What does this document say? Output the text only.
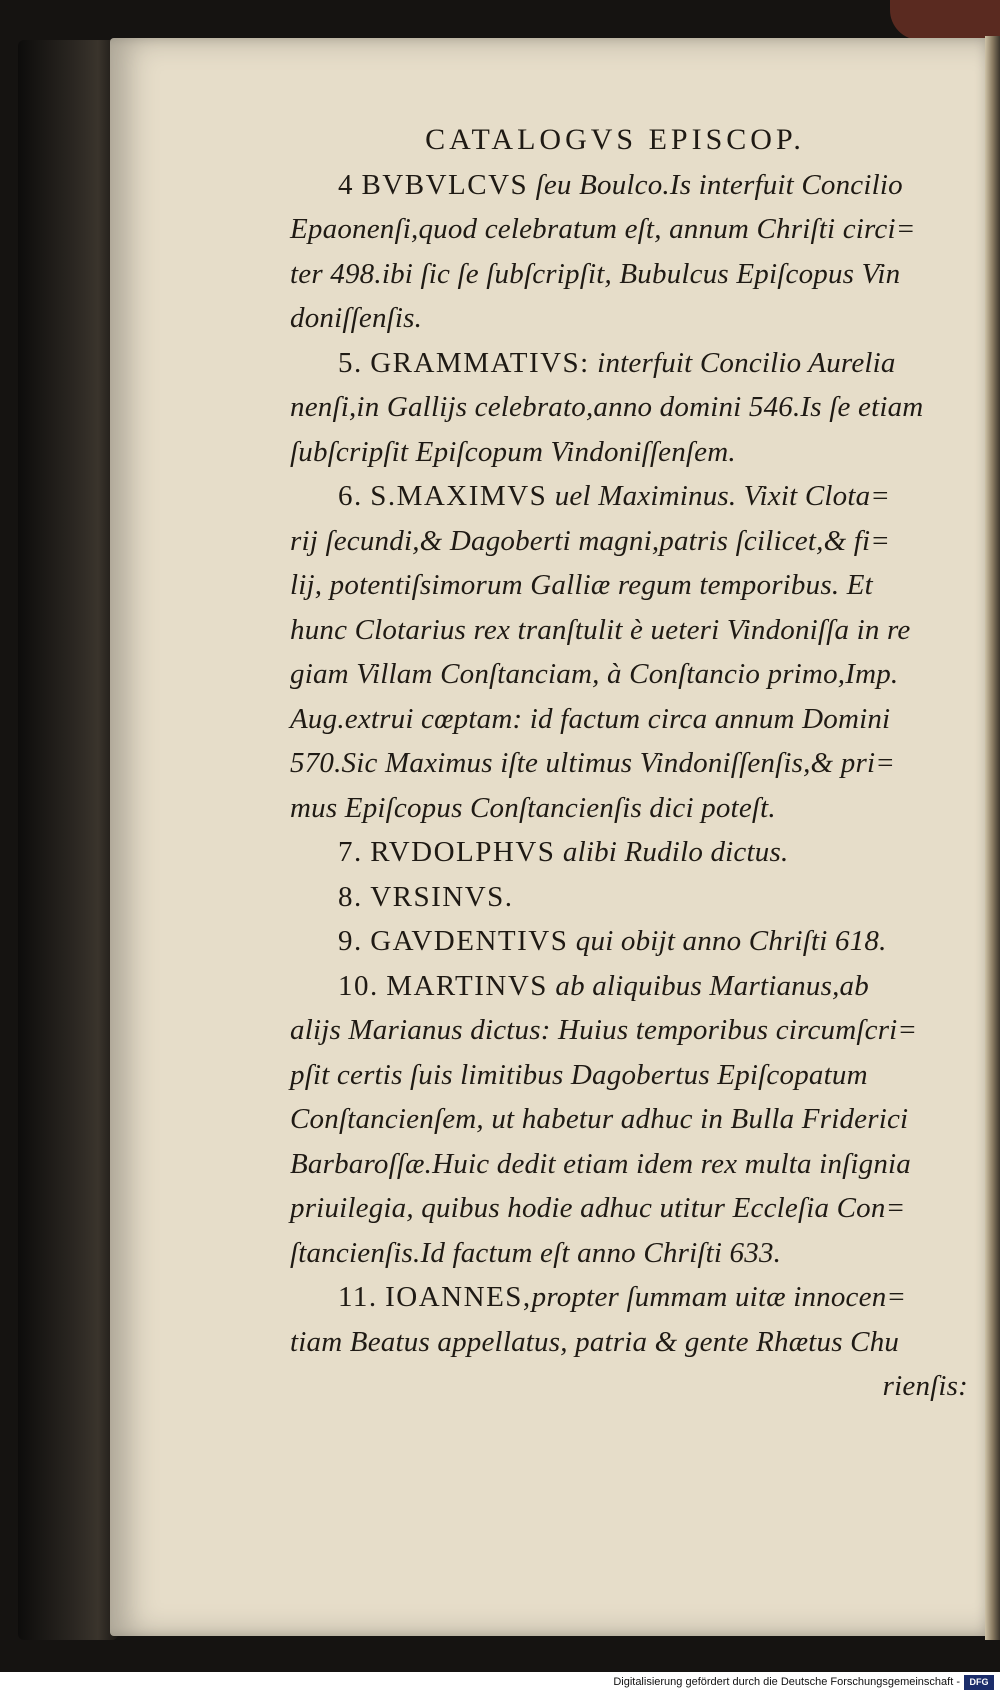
CATALOGVS EPISCOP.
4 BVBVLCVS ſeu Boulco.Is interfuit Concilio
Epaonenſi,quod celebratum eſt, annum Chriſti circi=
ter 498.ibi ſic ſe ſubſcripſit, Bubulcus Epiſcopus Vin
doniſſenſis.
5. GRAMMATIVS: interfuit Concilio Aurelia
nenſi,in Gallijs celebrato,anno domini 546.Is ſe etiam
ſubſcripſit Epiſcopum Vindoniſſenſem.
6. S.MAXIMVS uel Maximinus. Vixit Clota=
rij ſecundi,& Dagoberti magni,patris ſcilicet,& fi=
lij, potentiſsimorum Galliæ regum temporibus. Et
hunc Clotarius rex tranſtulit è ueteri Vindoniſſa in re
giam Villam Conſtanciam, à Conſtancio primo,Imp.
Aug.extrui cœptam: id factum circa annum Domini
570.Sic Maximus iſte ultimus Vindoniſſenſis,& pri=
mus Epiſcopus Conſtancienſis dici poteſt.
7. RVDOLPHVS alibi Rudilo dictus.
8. VRSINVS.
9. GAVDENTIVS qui obijt anno Chriſti 618.
10. MARTINVS ab aliquibus Martianus,ab
alijs Marianus dictus: Huius temporibus circumſcri=
pſit certis ſuis limitibus Dagobertus Epiſcopatum
Conſtancienſem, ut habetur adhuc in Bulla Friderici
Barbaroſſæ.Huic dedit etiam idem rex multa inſignia
priuilegia, quibus hodie adhuc utitur Eccleſia Con=
ſtancienſis.Id factum eſt anno Chriſti 633.
11. IOANNES,propter ſummam uitæ innocen=
tiam Beatus appellatus, patria & gente Rhætus Chu
rienſis:
Digitalisierung gefördert durch die Deutsche Forschungsgemeinschaft -	DFG
